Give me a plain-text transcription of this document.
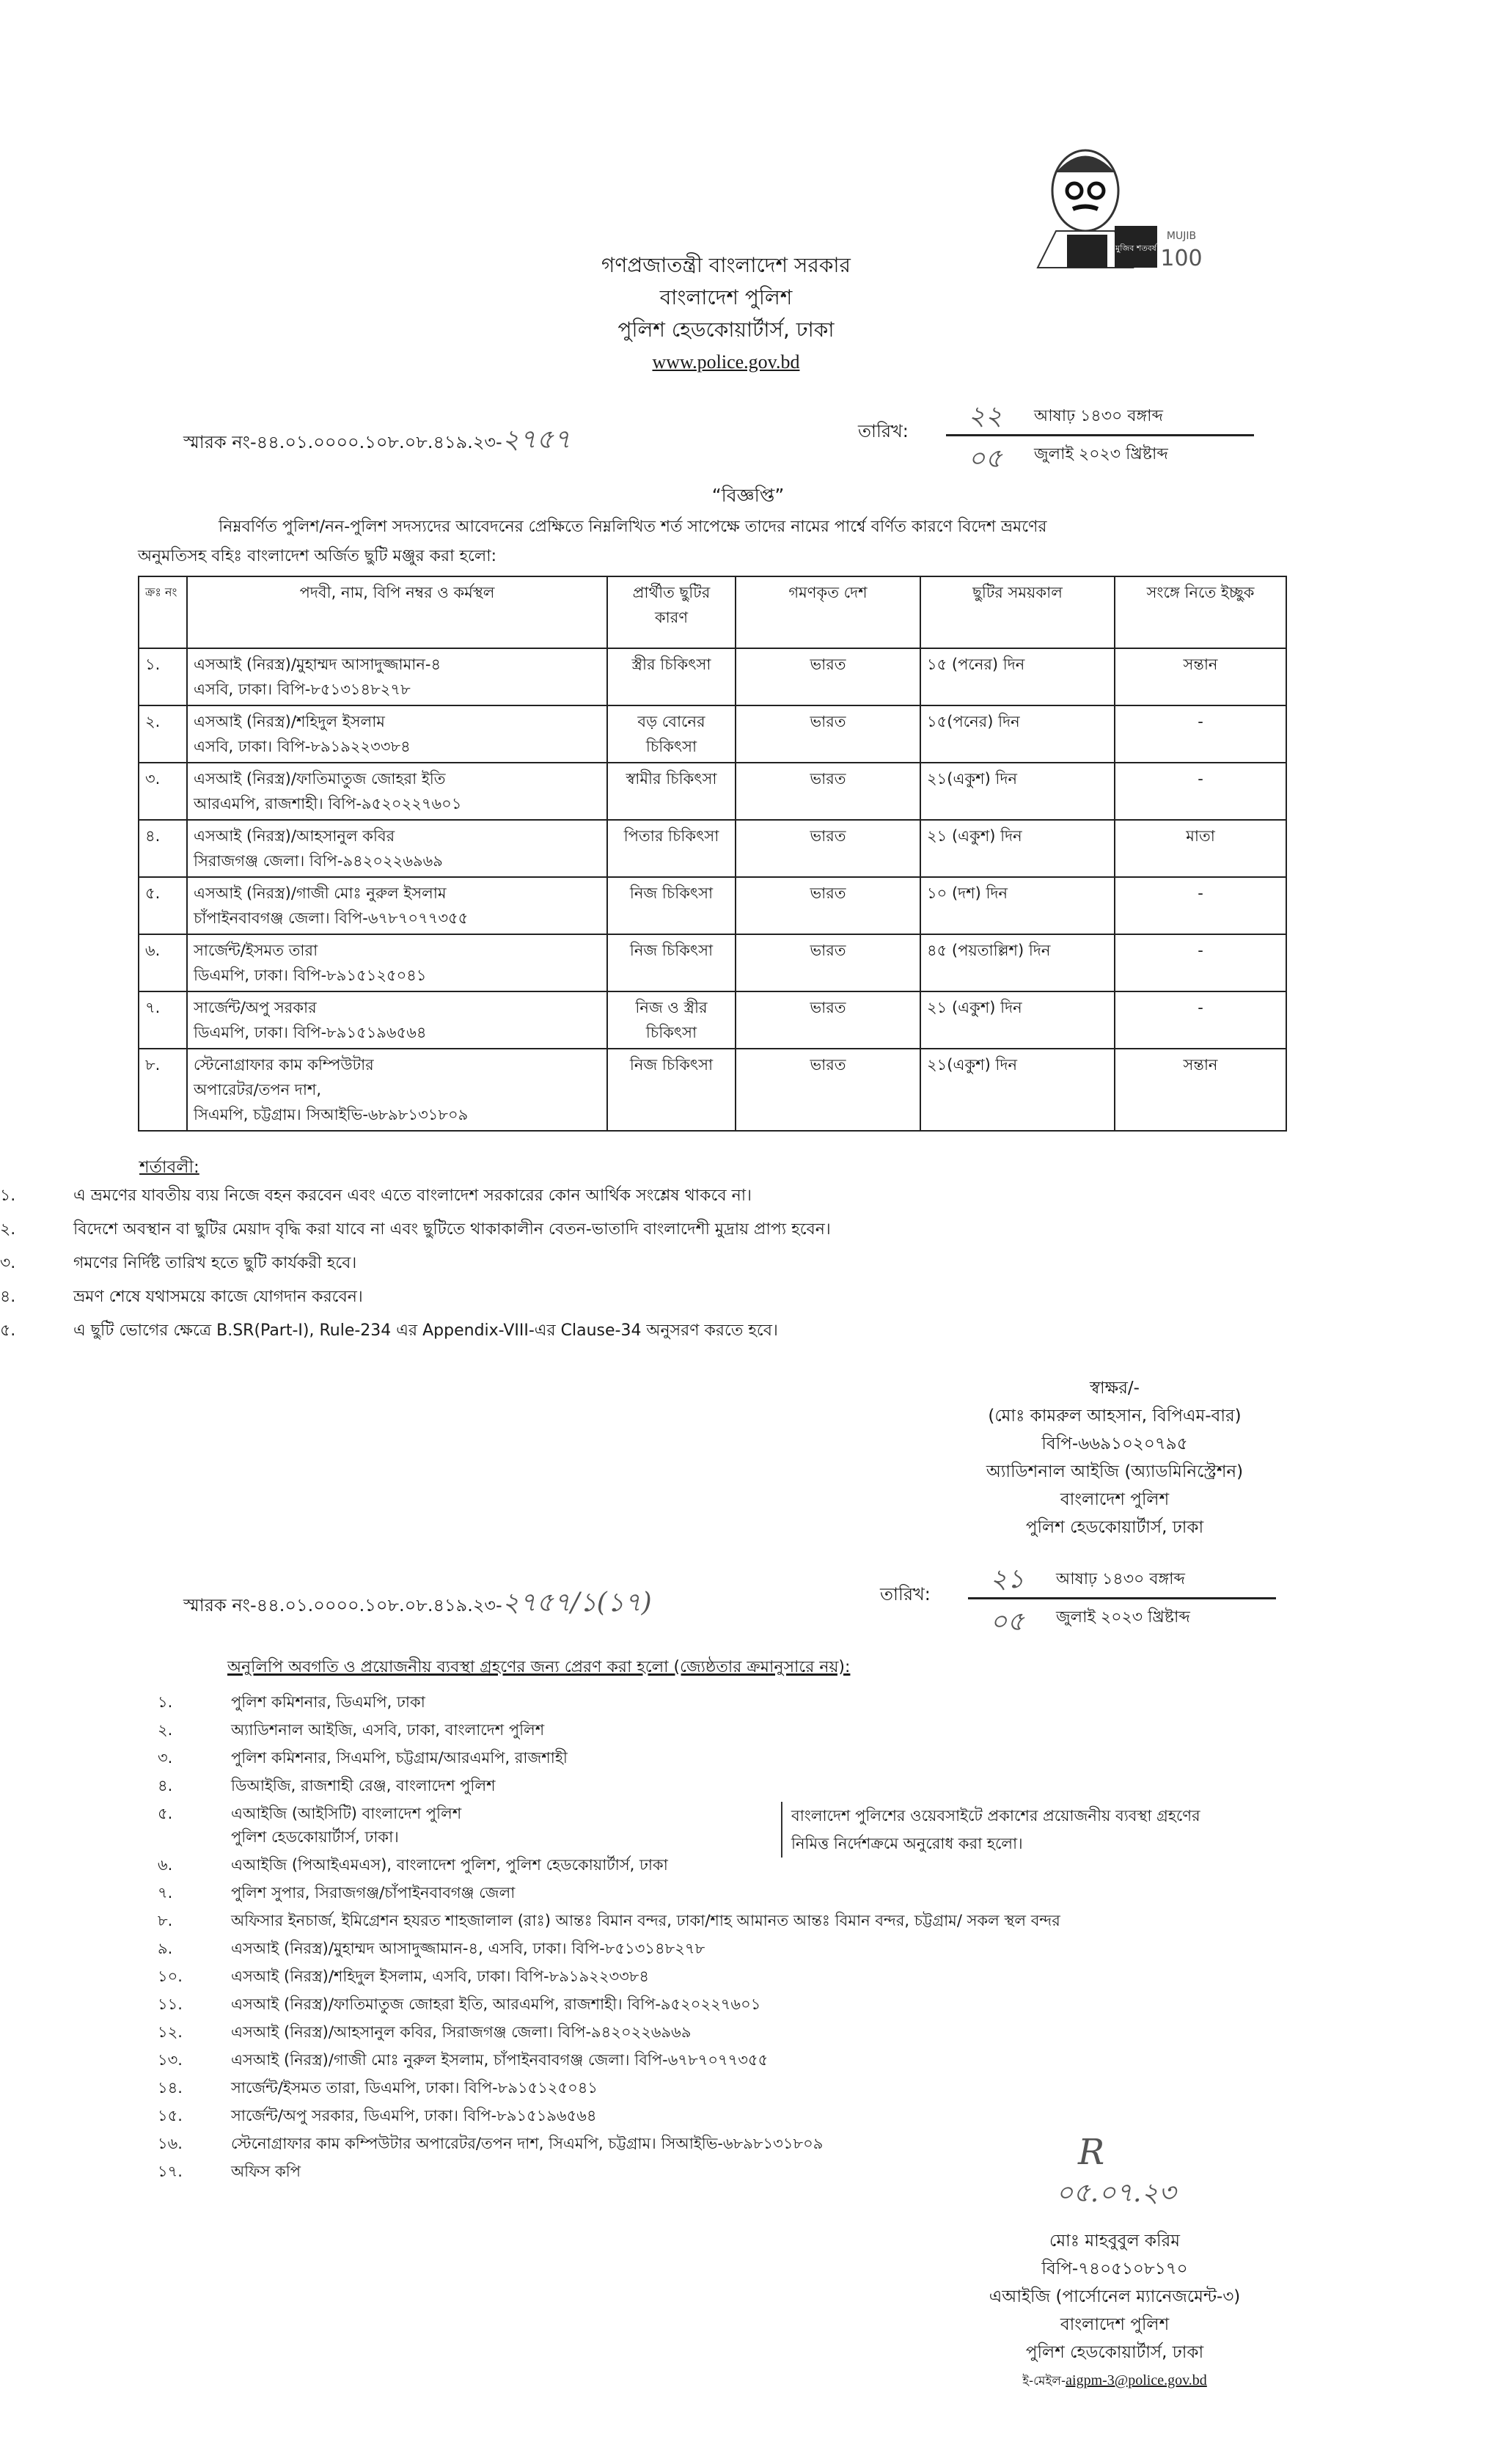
মুজিব শতবর্ষ
MUJIB
100
গণপ্রজাতন্ত্রী বাংলাদেশ সরকার
বাংলাদেশ পুলিশ
পুলিশ হেডকোয়ার্টার্স, ঢাকা
www.police.gov.bd
স্মারক নং-৪৪.০১.০০০০.১০৮.০৮.৪১৯.২৩-২৭৫৭	তারিখ: ২২ আষাঢ় ১৪৩০ বঙ্গাব্দ
০৫ জুলাই ২০২৩ খ্রিষ্টাব্দ
“বিজ্ঞপ্তি”
নিম্নবর্ণিত পুলিশ/নন-পুলিশ সদস্যদের আবেদনের প্রেক্ষিতে নিম্নলিখিত শর্ত সাপেক্ষে তাদের নামের পার্শ্বে বর্ণিত কারণে বিদেশ ভ্রমণের
অনুমতিসহ বহিঃ বাংলাদেশ অর্জিত ছুটি মঞ্জুর করা হলো:
ক্রঃ নং	পদবী, নাম, বিপি নম্বর ও কর্মস্থল	প্রার্থীত ছুটির কারণ	গমণকৃত দেশ	ছুটির সময়কাল	সংঙ্গে নিতে ইচ্ছুক
১.	এসআই (নিরস্ত্র)/মুহাম্মদ আসাদুজ্জামান-৪
এসবি, ঢাকা। বিপি-৮৫১৩১৪৮২৭৮	স্ত্রীর চিকিৎসা	ভারত	১৫ (পনের) দিন	সন্তান
২.	এসআই (নিরস্ত্র)/শহিদুল ইসলাম
এসবি, ঢাকা। বিপি-৮৯১৯২২৩৩৮৪	বড় বোনের চিকিৎসা	ভারত	১৫(পনের) দিন	-
৩.	এসআই (নিরস্ত্র)/ফাতিমাতুজ জোহরা ইতি
আরএমপি, রাজশাহী। বিপি-৯৫২০২২৭৬০১	স্বামীর চিকিৎসা	ভারত	২১(একুশ) দিন	-
৪.	এসআই (নিরস্ত্র)/আহসানুল কবির
সিরাজগঞ্জ জেলা। বিপি-৯৪২০২২৬৯৬৯	পিতার চিকিৎসা	ভারত	২১ (একুশ) দিন	মাতা
৫.	এসআই (নিরস্ত্র)/গাজী মোঃ নুরুল ইসলাম
চাঁপাইনবাবগঞ্জ জেলা। বিপি-৬৭৮৭০৭৭৩৫৫	নিজ চিকিৎসা	ভারত	১০ (দশ) দিন	-
৬.	সার্জেন্ট/ইসমত তারা
ডিএমপি, ঢাকা। বিপি-৮৯১৫১২৫০৪১	নিজ চিকিৎসা	ভারত	৪৫ (পয়তাল্লিশ) দিন	-
৭.	সার্জেন্ট/অপু সরকার
ডিএমপি, ঢাকা। বিপি-৮৯১৫১৯৬৫৬৪	নিজ ও স্ত্রীর চিকিৎসা	ভারত	২১ (একুশ) দিন	-
৮.	স্টেনোগ্রাফার কাম কম্পিউটার
অপারেটর/তপন দাশ,
সিএমপি, চট্টগ্রাম। সিআইভি-৬৮৯৮১৩১৮০৯	নিজ চিকিৎসা	ভারত	২১(একুশ) দিন	সন্তান
শর্তাবলী:
১.	এ ভ্রমণের যাবতীয় ব্যয় নিজে বহন করবেন এবং এতে বাংলাদেশ সরকারের কোন আর্থিক সংশ্লেষ থাকবে না।
২.	বিদেশে অবস্থান বা ছুটির মেয়াদ বৃদ্ধি করা যাবে না এবং ছুটিতে থাকাকালীন বেতন-ভাতাদি বাংলাদেশী মুদ্রায় প্রাপ্য হবেন।
৩.	গমণের নির্দিষ্ট তারিখ হতে ছুটি কার্যকরী হবে।
৪.	ভ্রমণ শেষে যথাসময়ে কাজে যোগদান করবেন।
৫.	এ ছুটি ভোগের ক্ষেত্রে B.SR(Part-I), Rule-234 এর Appendix-VIII-এর Clause-34 অনুসরণ করতে হবে।
স্বাক্ষর/-
(মোঃ কামরুল আহসান, বিপিএম-বার)
বিপি-৬৬৯১০২০৭৯৫
অ্যাডিশনাল আইজি (অ্যাডমিনিস্ট্রেশন)
বাংলাদেশ পুলিশ
পুলিশ হেডকোয়ার্টার্স, ঢাকা
স্মারক নং-৪৪.০১.০০০০.১০৮.০৮.৪১৯.২৩-২৭৫৭/১(১৭)	তারিখ: ২১ আষাঢ় ১৪৩০ বঙ্গাব্দ
০৫ জুলাই ২০২৩ খ্রিষ্টাব্দ
অনুলিপি অবগতি ও প্রয়োজনীয় ব্যবস্থা গ্রহণের জন্য প্রেরণ করা হলো (জ্যেষ্ঠতার ক্রমানুসারে নয়):
১.	পুলিশ কমিশনার, ডিএমপি, ঢাকা
২.	অ্যাডিশনাল আইজি, এসবি, ঢাকা, বাংলাদেশ পুলিশ
৩.	পুলিশ কমিশনার, সিএমপি, চট্টগ্রাম/আরএমপি, রাজশাহী
৪.	ডিআইজি, রাজশাহী রেঞ্জ, বাংলাদেশ পুলিশ
৫.	এআইজি (আইসিটি) বাংলাদেশ পুলিশ
পুলিশ হেডকোয়ার্টার্স, ঢাকা।
৬.	এআইজি (পিআইএমএস), বাংলাদেশ পুলিশ, পুলিশ হেডকোয়ার্টার্স, ঢাকা
৭.	পুলিশ সুপার, সিরাজগঞ্জ/চাঁপাইনবাবগঞ্জ জেলা
৮.	অফিসার ইনচার্জ, ইমিগ্রেশন হযরত শাহজালাল (রাঃ) আন্তঃ বিমান বন্দর, ঢাকা/শাহ আমানত আন্তঃ বিমান বন্দর, চট্টগ্রাম/ সকল স্থল বন্দর
৯.	এসআই (নিরস্ত্র)/মুহাম্মদ আসাদুজ্জামান-৪, এসবি, ঢাকা। বিপি-৮৫১৩১৪৮২৭৮
১০.	এসআই (নিরস্ত্র)/শহিদুল ইসলাম, এসবি, ঢাকা। বিপি-৮৯১৯২২৩৩৮৪
১১.	এসআই (নিরস্ত্র)/ফাতিমাতুজ জোহরা ইতি, আরএমপি, রাজশাহী। বিপি-৯৫২০২২৭৬০১
১২.	এসআই (নিরস্ত্র)/আহসানুল কবির, সিরাজগঞ্জ জেলা। বিপি-৯৪২০২২৬৯৬৯
১৩.	এসআই (নিরস্ত্র)/গাজী মোঃ নুরুল ইসলাম, চাঁপাইনবাবগঞ্জ জেলা। বিপি-৬৭৮৭০৭৭৩৫৫
১৪.	সার্জেন্ট/ইসমত তারা, ডিএমপি, ঢাকা। বিপি-৮৯১৫১২৫০৪১
১৫.	সার্জেন্ট/অপু সরকার, ডিএমপি, ঢাকা। বিপি-৮৯১৫১৯৬৫৬৪
১৬.	স্টেনোগ্রাফার কাম কম্পিউটার অপারেটর/তপন দাশ, সিএমপি, চট্টগ্রাম। সিআইভি-৬৮৯৮১৩১৮০৯
১৭.	অফিস কপি
বাংলাদেশ পুলিশের ওয়েবসাইটে প্রকাশের প্রয়োজনীয় ব্যবস্থা গ্রহণের নিমিত্ত নির্দেশক্রমে অনুরোধ করা হলো।
R
০৫.০৭.২৩
মোঃ মাহবুবুল করিম
বিপি-৭৪০৫১০৮১৭০
এআইজি (পার্সোনেল ম্যানেজমেন্ট-৩)
বাংলাদেশ পুলিশ
পুলিশ হেডকোয়ার্টার্স, ঢাকা
ই-মেইল-aigpm-3@police.gov.bd
